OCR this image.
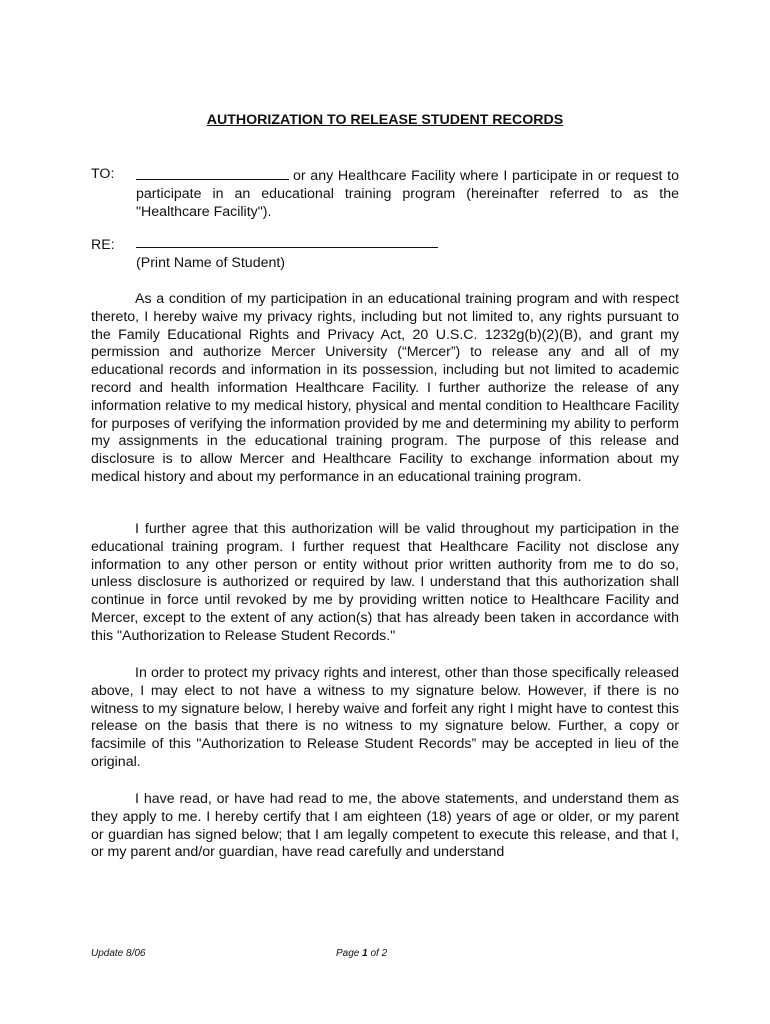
AUTHORIZATION TO RELEASE STUDENT RECORDS
TO:	or any Healthcare Facility where I participate in or request to participate in an educational training program (hereinafter referred to as the "Healthcare Facility").
RE:
(Print Name of Student)
As a condition of my participation in an educational training program and with respect thereto, I hereby waive my privacy rights, including but not limited to, any rights pursuant to the Family Educational Rights and Privacy Act, 20 U.S.C. 1232g(b)(2)(B), and grant my permission and authorize Mercer University (“Mercer”) to release any and all of my educational records and information in its possession, including but not limited to academic record and health information Healthcare Facility. I further authorize the release of any information relative to my medical history, physical and mental condition to Healthcare Facility for purposes of verifying the information provided by me and determining my ability to perform my assignments in the educational training program. The purpose of this release and disclosure is to allow Mercer and Healthcare Facility to exchange information about my medical history and about my performance in an educational training program.
I further agree that this authorization will be valid throughout my participation in the educational training program. I further request that Healthcare Facility not disclose any information to any other person or entity without prior written authority from me to do so, unless disclosure is authorized or required by law. I understand that this authorization shall continue in force until revoked by me by providing written notice to Healthcare Facility and Mercer, except to the extent of any action(s) that has already been taken in accordance with this "Authorization to Release Student Records."
In order to protect my privacy rights and interest, other than those specifically released above, I may elect to not have a witness to my signature below. However, if there is no witness to my signature below, I hereby waive and forfeit any right I might have to contest this release on the basis that there is no witness to my signature below. Further, a copy or facsimile of this "Authorization to Release Student Records” may be accepted in lieu of the original.
I have read, or have had read to me, the above statements, and understand them as they apply to me. I hereby certify that I am eighteen (18) years of age or older, or my parent or guardian has signed below; that I am legally competent to execute this release, and that I, or my parent and/or guardian, have read carefully and understand
Update 8/06	Page 1 of 2
